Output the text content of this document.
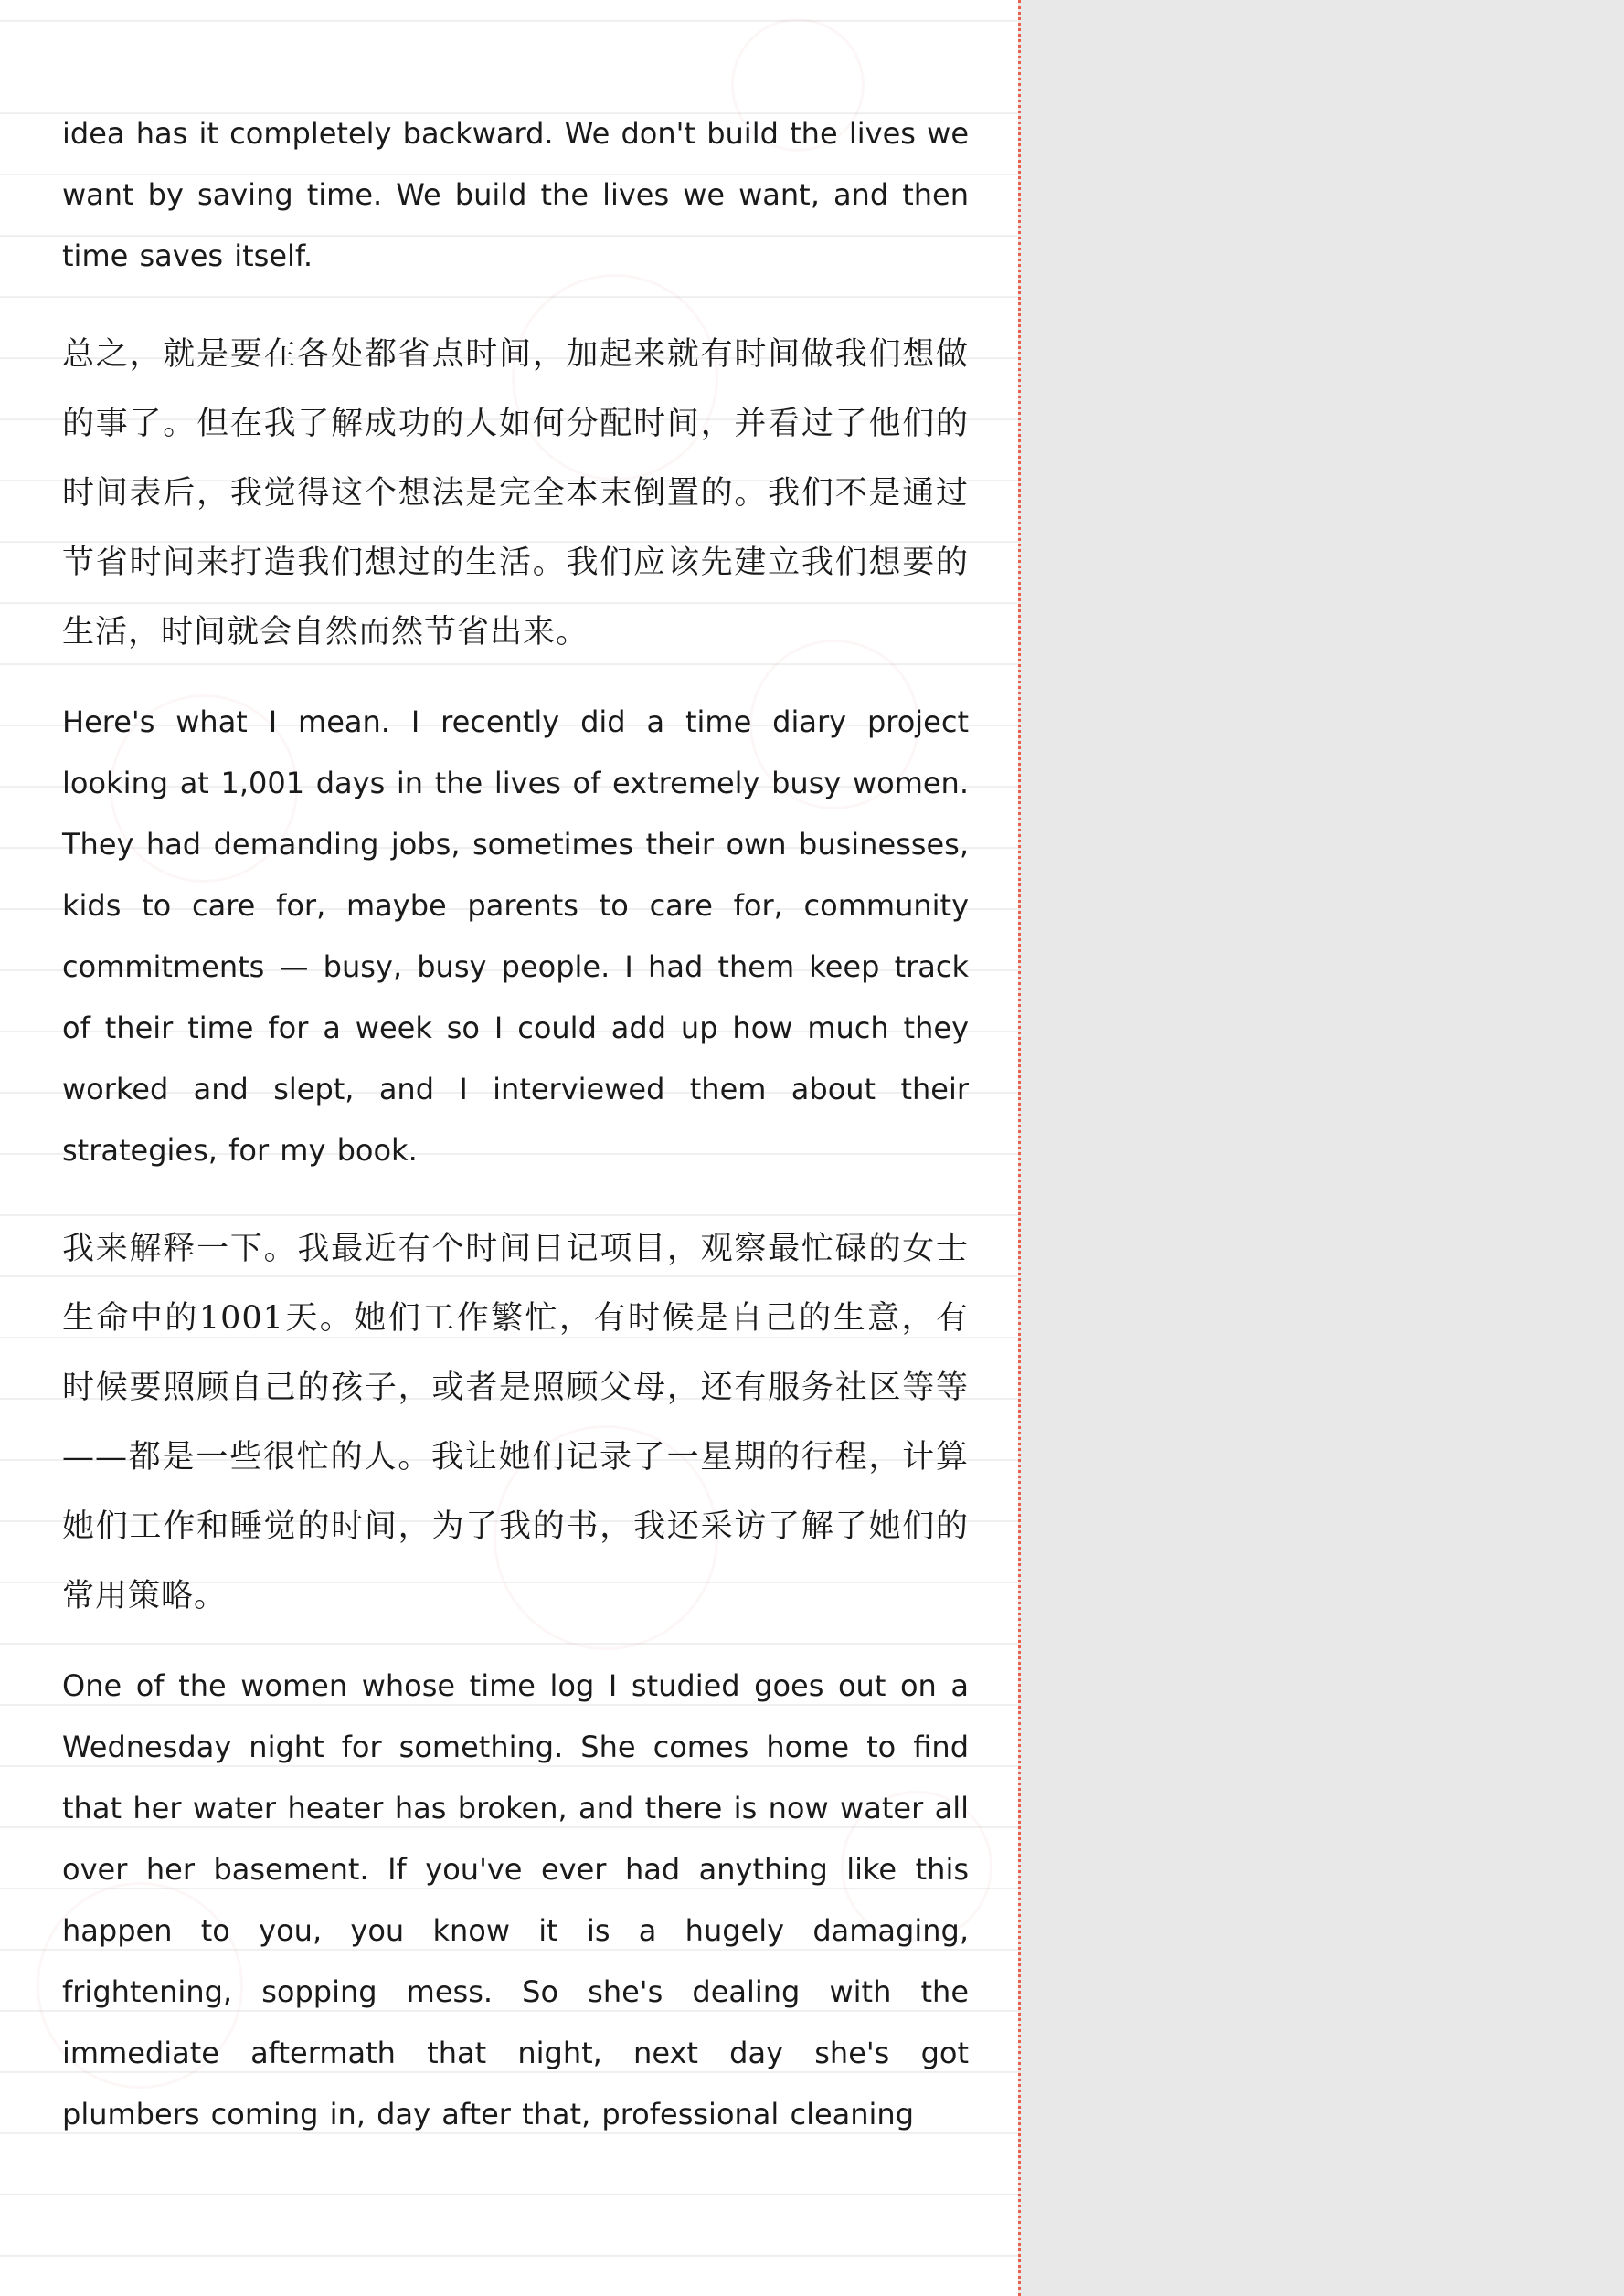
idea has it completely backward. We don't build the lives we want by saving time. We build the lives we want, and then time saves itself.

总之，就是要在各处都省点时间，加起来就有时间做我们想做的事了。但在我了解成功的人如何分配时间，并看过了他们的时间表后，我觉得这个想法是完全本末倒置的。我们不是通过节省时间来打造我们想过的生活。我们应该先建立我们想要的生活，时间就会自然而然节省出来。

Here's what I mean. I recently did a time diary project looking at 1,001 days in the lives of extremely busy women. They had demanding jobs, sometimes their own businesses, kids to care for, maybe parents to care for, community commitments — busy, busy people. I had them keep track of their time for a week so I could add up how much they worked and slept, and I interviewed them about their strategies, for my book.

我来解释一下。我最近有个时间日记项目，观察最忙碌的女士生命中的1001天。她们工作繁忙，有时候是自己的生意，有时候要照顾自己的孩子，或者是照顾父母，还有服务社区等等——都是一些很忙的人。我让她们记录了一星期的行程，计算她们工作和睡觉的时间，为了我的书，我还采访了解了她们的常用策略。

One of the women whose time log I studied goes out on a Wednesday night for something. She comes home to find that her water heater has broken, and there is now water all over her basement. If you've ever had anything like this happen to you, you know it is a hugely damaging, frightening, sopping mess. So she's dealing with the immediate aftermath that night, next day she's got plumbers coming in, day after that, professional cleaning
